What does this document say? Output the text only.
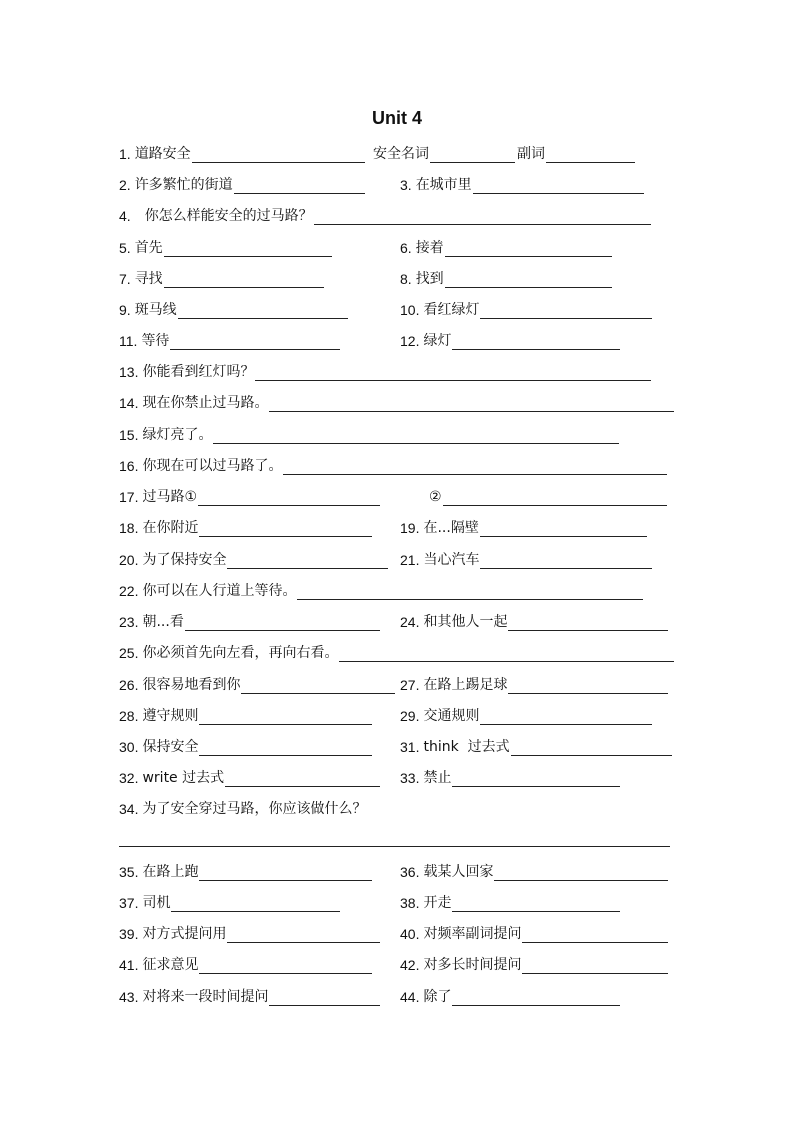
Unit 4
1. 道路安全	安全名词	副词
2. 许多繁忙的街道	3. 在城市里
4. 你怎么样能安全的过马路？
5. 首先	6. 接着
7. 寻找	8. 找到
9. 斑马线	10. 看红绿灯
11. 等待	12. 绿灯
13. 你能看到红灯吗？
14. 现在你禁止过马路。
15. 绿灯亮了。
16. 你现在可以过马路了。
17. 过马路①	②
18. 在你附近	19. 在...隔壁
20. 为了保持安全	21. 当心汽车
22. 你可以在人行道上等待。
23. 朝...看	24. 和其他人一起
25. 你必须首先向左看，再向右看。
26. 很容易地看到你	27. 在路上踢足球
28. 遵守规则	29. 交通规则
30. 保持安全	31. think  过去式
32. write 过去式	33. 禁止
34. 为了安全穿过马路，你应该做什么？
35. 在路上跑	36. 载某人回家
37. 司机	38. 开走
39. 对方式提问用	40. 对频率副词提问
41. 征求意见	42. 对多长时间提问
43. 对将来一段时间提问	44. 除了
